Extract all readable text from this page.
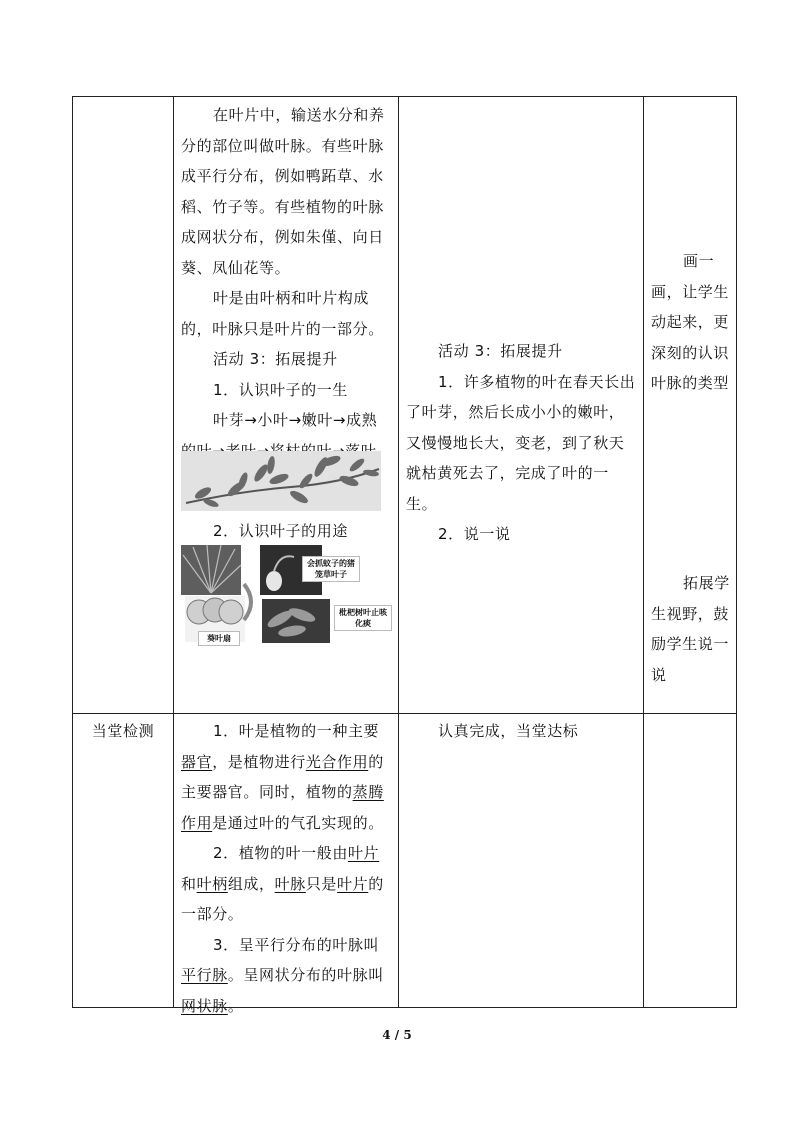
在叶片中，输送水分和养分的部位叫做叶脉。有些叶脉成平行分布，例如鸭跖草、水稻、竹子等。有些植物的叶脉成网状分布，例如朱僅、向日葵、凤仙花等。
叶是由叶柄和叶片构成的，叶脉只是叶片的一部分。
活动 3：拓展提升
1．认识叶子的一生
叶芽→小叶→嫩叶→成熟
2．认识叶子的用途
葵叶扇
会抓蚊子的猪笼草叶子
枇杷树叶止咳化痰
活动 3：拓展提升
1．许多植物的叶在春天长出了叶芽，然后长成小小的嫩叶，又慢慢地长大，变老，到了秋天就枯黄死去了，完成了叶的一生。
2．说一说
画一画，让学生动起来，更深刻的认识叶脉的类型
拓展学生视野，鼓励学生说一说
当堂检测	1．叶是植物的一种主要器官，是植物进行光合作用的主要器官。同时，植物的蒸腾作用是通过叶的气孔实现的。
2．植物的叶一般由叶片和叶柄组成，叶脉只是叶片的一部分。
3．呈平行分布的叶脉叫平行脉。呈网状分布的叶脉叫网状脉。
认真完成，当堂达标
4 / 5
